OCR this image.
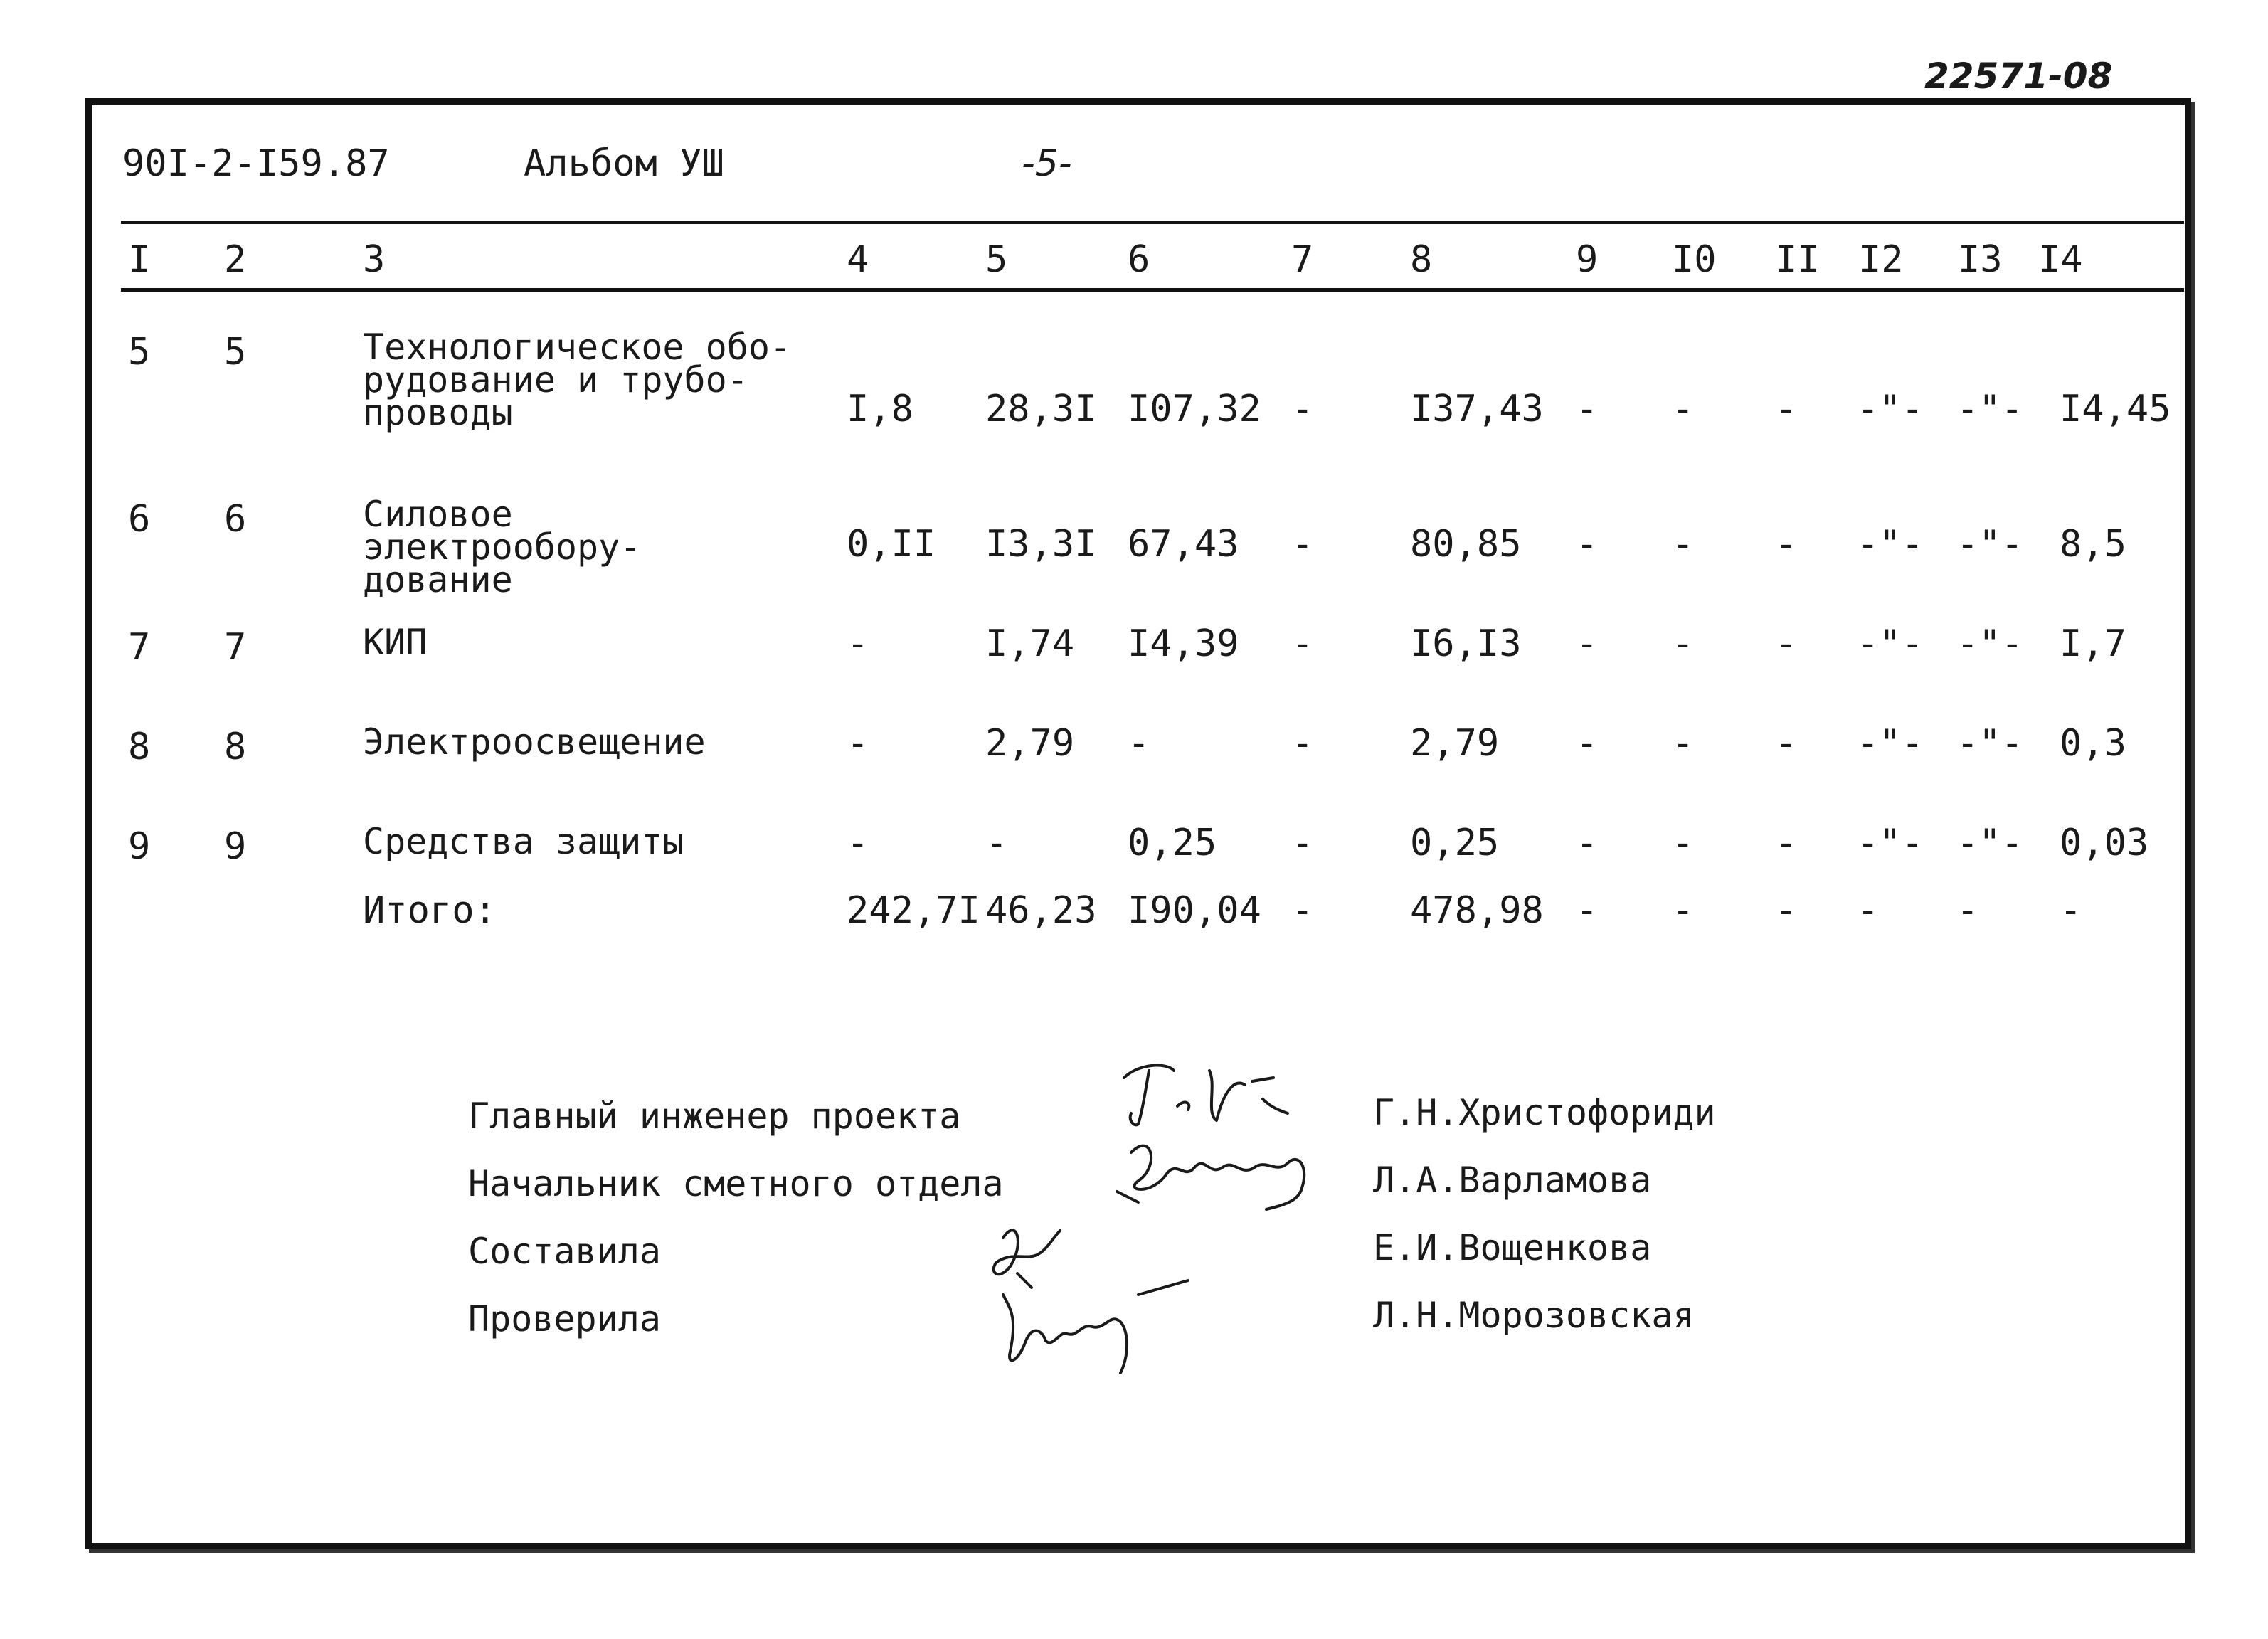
22571-08
90I-2-I59.87	Альбом УШ	-5-
I 2	3	4	5	6	7	8	9 I0 II I2 I3 I4
5 5	Технологическое обо-
рудование и трубо-
проводы	I,8 28,3I I07,32 -	I37,43 - - - -"- -"- I4,45
6 6	Силовое электрообору-
дование
0,II I3,3I 67,43 -	80,85 - - - -"- -"- 8,5
7 7	КИП	-	I,74 I4,39 -	I6,I3 - - - -"- -"- I,7
8 8	Электроосвещение	-	2,79 -	-	2,79 - - - -"- -"- 0,3
9 9	Средства защиты	-	-	0,25 -	0,25 - - - -"- -"- 0,03
Итого:	242,7I 46,23 I90,04 -	478,98 - - - - - -
Главный инженер проекта	Г.Н.Христофориди
Начальник сметного отдела	Л.А.Варламова
Составила	Е.И.Вощенкова
Проверила	Л.Н.Морозовская
